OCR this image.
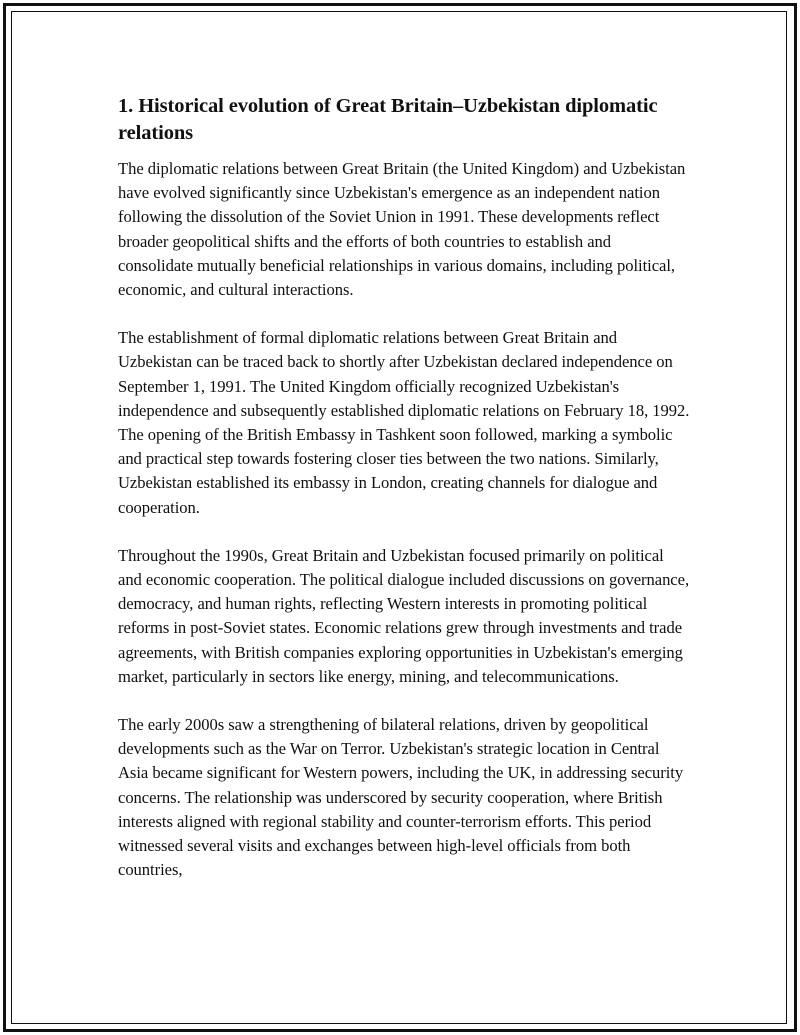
1. Historical evolution of Great Britain–Uzbekistan diplomatic relations

The diplomatic relations between Great Britain (the United Kingdom) and Uzbekistan have evolved significantly since Uzbekistan's emergence as an independent nation following the dissolution of the Soviet Union in 1991. These developments reflect broader geopolitical shifts and the efforts of both countries to establish and consolidate mutually beneficial relationships in various domains, including political, economic, and cultural interactions.

The establishment of formal diplomatic relations between Great Britain and Uzbekistan can be traced back to shortly after Uzbekistan declared independence on September 1, 1991. The United Kingdom officially recognized Uzbekistan's independence and subsequently established diplomatic relations on February 18, 1992. The opening of the British Embassy in Tashkent soon followed, marking a symbolic and practical step towards fostering closer ties between the two nations. Similarly, Uzbekistan established its embassy in London, creating channels for dialogue and cooperation.

Throughout the 1990s, Great Britain and Uzbekistan focused primarily on political and economic cooperation. The political dialogue included discussions on governance, democracy, and human rights, reflecting Western interests in promoting political reforms in post-Soviet states. Economic relations grew through investments and trade agreements, with British companies exploring opportunities in Uzbekistan's emerging market, particularly in sectors like energy, mining, and telecommunications.

The early 2000s saw a strengthening of bilateral relations, driven by geopolitical developments such as the War on Terror. Uzbekistan's strategic location in Central Asia became significant for Western powers, including the UK, in addressing security concerns. The relationship was underscored by security cooperation, where British interests aligned with regional stability and counter-terrorism efforts. This period witnessed several visits and exchanges between high-level officials from both countries,
